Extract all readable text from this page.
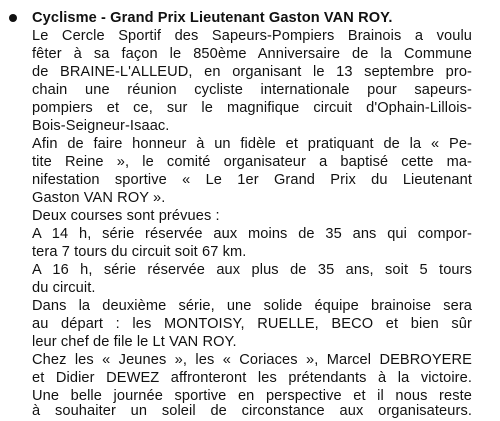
Cyclisme - Grand Prix Lieutenant Gaston VAN ROY.

Le Cercle Sportif des Sapeurs-Pompiers Brainois a voulu

fêter à sa façon le 850ème Anniversaire de la Commune

de BRAINE-L'ALLEUD, en organisant le 13 septembre pro-

chain une réunion cycliste internationale pour sapeurs-

pompiers et ce, sur le magnifique circuit d'Ophain-Lillois-

Bois-Seigneur-Isaac.

Afin de faire honneur à un fidèle et pratiquant de la « Pe-

tite Reine », le comité organisateur a baptisé cette ma-

nifestation sportive « Le 1er Grand Prix du Lieutenant

Gaston VAN ROY ».

Deux courses sont prévues :

A 14 h, série réservée aux moins de 35 ans qui compor-

tera 7 tours du circuit soit 67 km.

A 16 h, série réservée aux plus de 35 ans, soit 5 tours

du circuit.

Dans la deuxième série, une solide équipe brainoise sera

au départ : les MONTOISY, RUELLE, BECO et bien sûr

leur chef de file le Lt VAN ROY.

Chez les « Jeunes », les « Coriaces », Marcel DEBROYERE

et Didier DEWEZ affronteront les prétendants à la victoire.

Une belle journée sportive en perspective et il nous reste

à souhaiter un soleil de circonstance aux organisateurs.
